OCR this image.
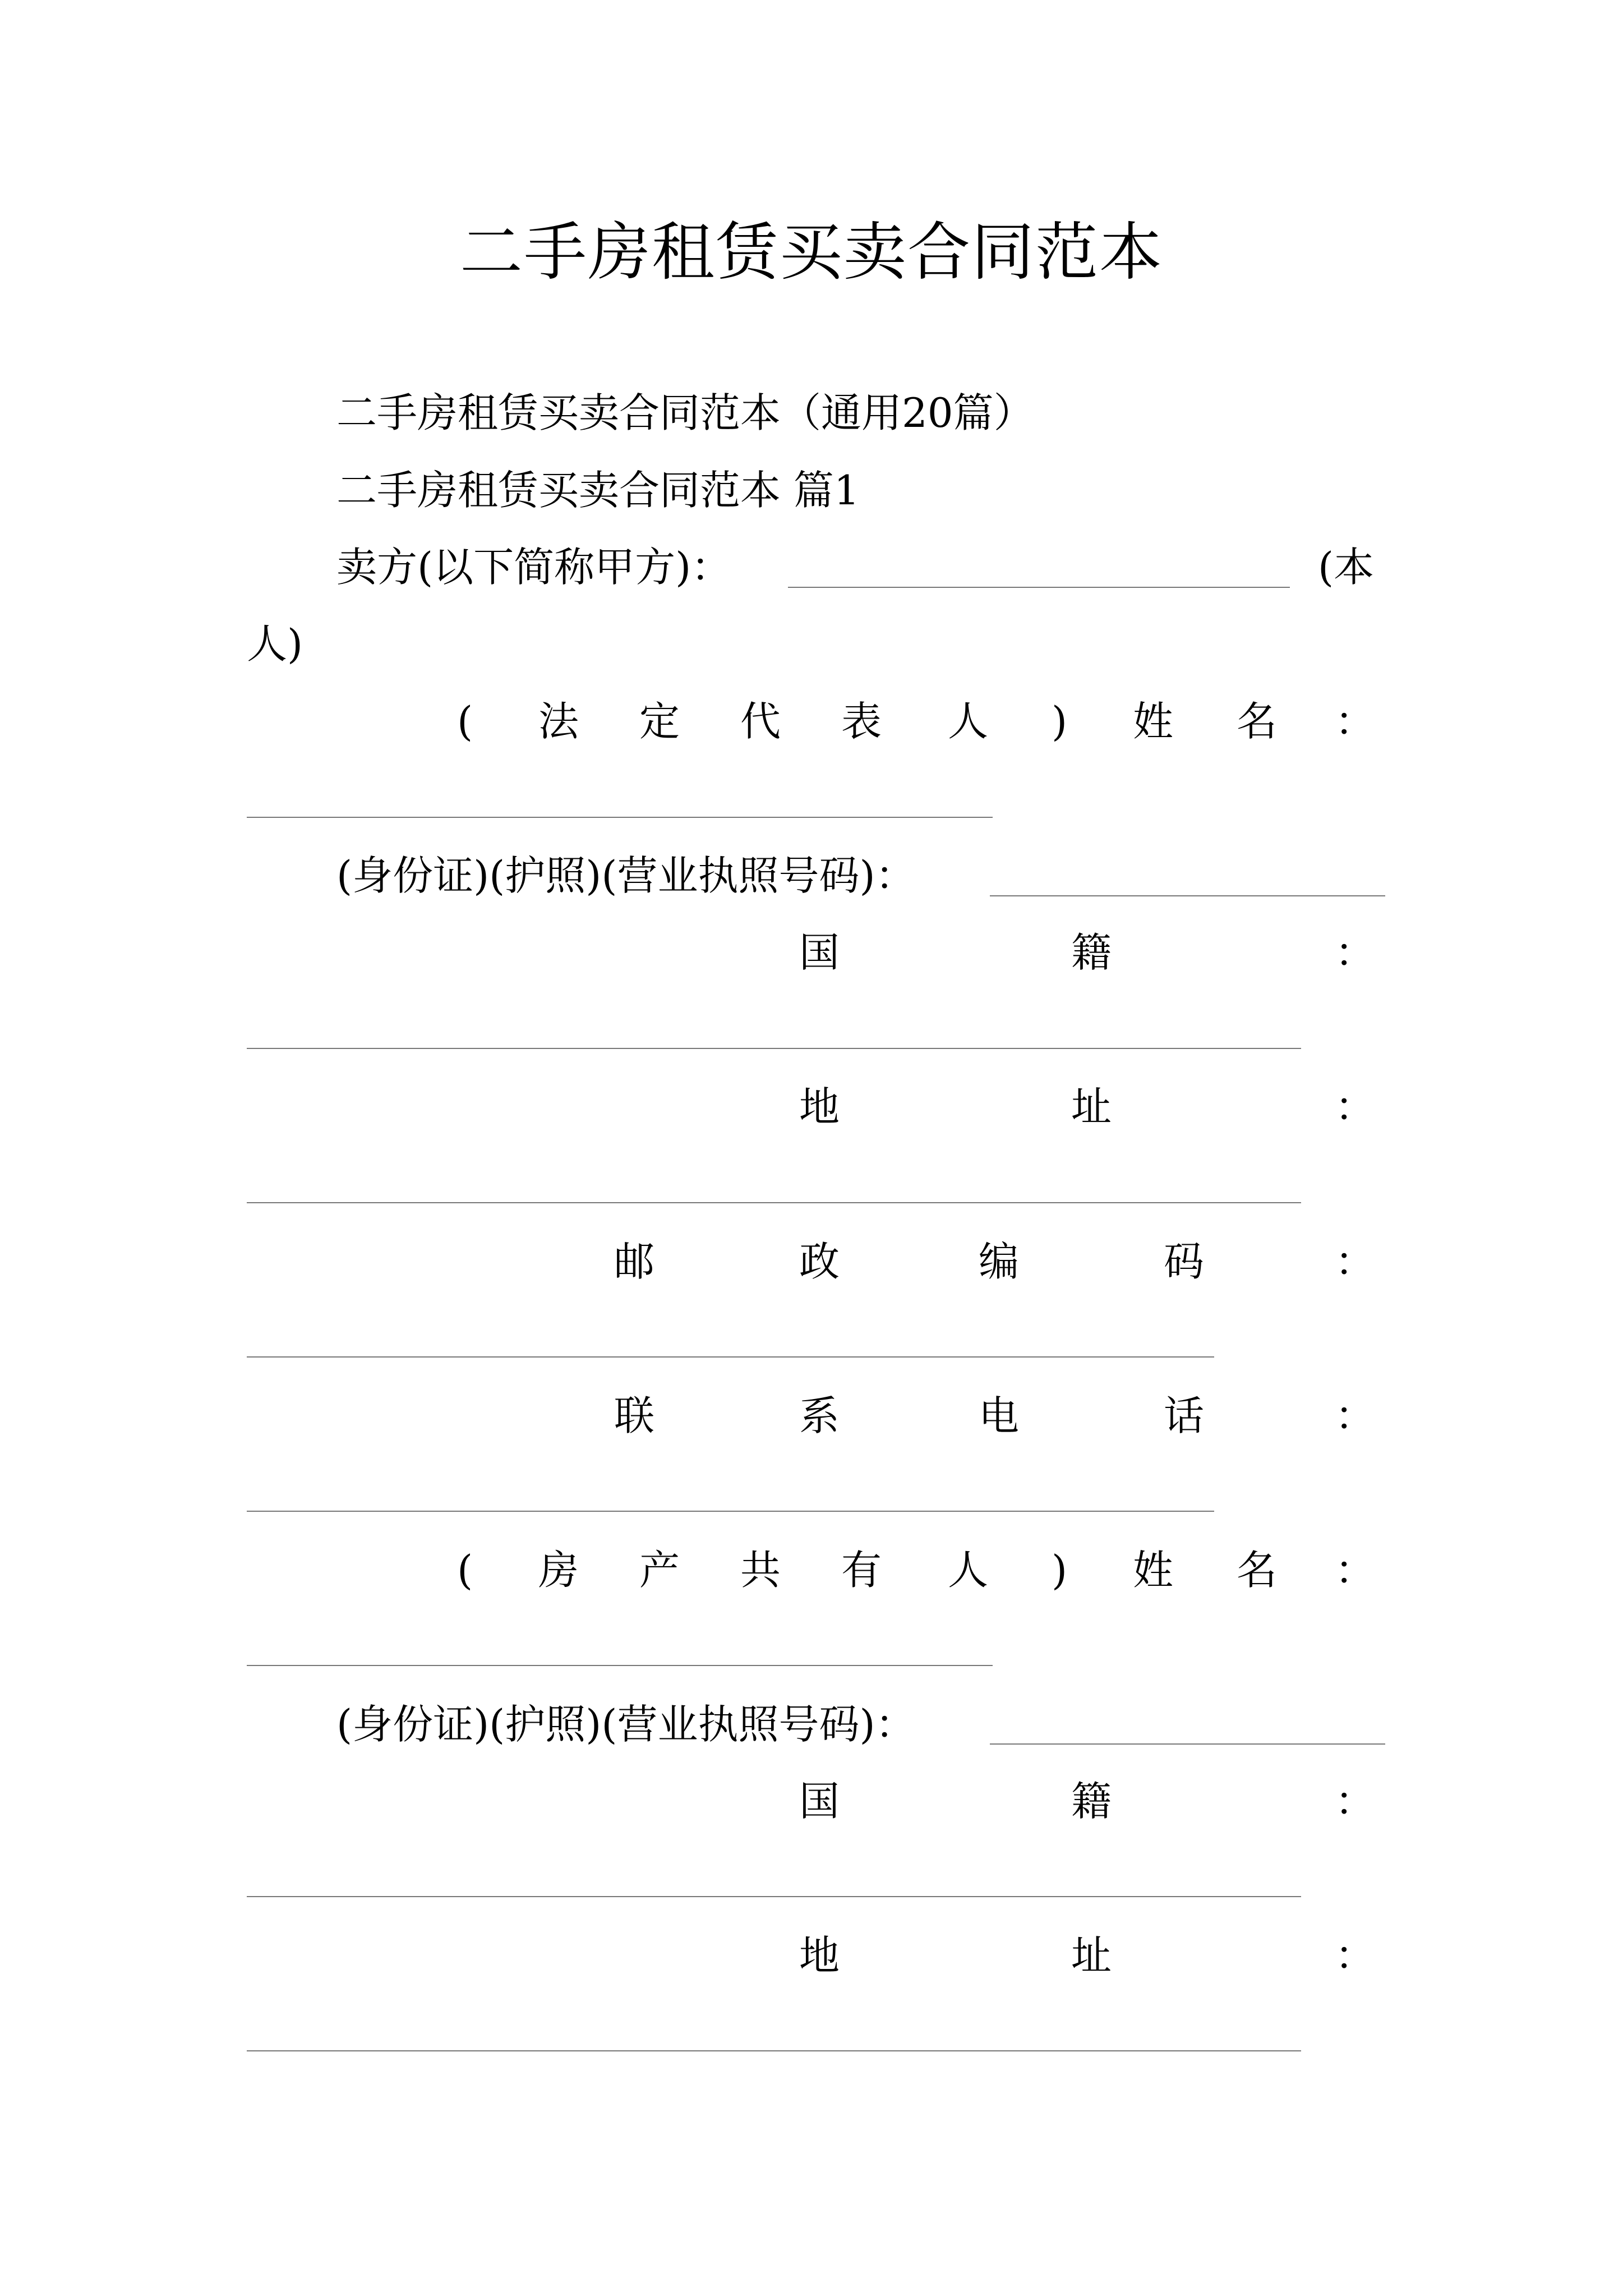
二手房租赁买卖合同范本
二手房租赁买卖合同范本（通用20篇）
二手房租赁买卖合同范本 篇1
卖方(以下简称甲方)：	(本
人)
( 法 定 代 表 人 ) 姓 名 ：
(身份证)(护照)(营业执照号码)：
国	籍	：
地	址	：
邮	政	编	码	：
联	系	电	话	：
( 房 产 共 有 人 ) 姓 名 ：
(身份证)(护照)(营业执照号码)：
国	籍	：
地	址	：
